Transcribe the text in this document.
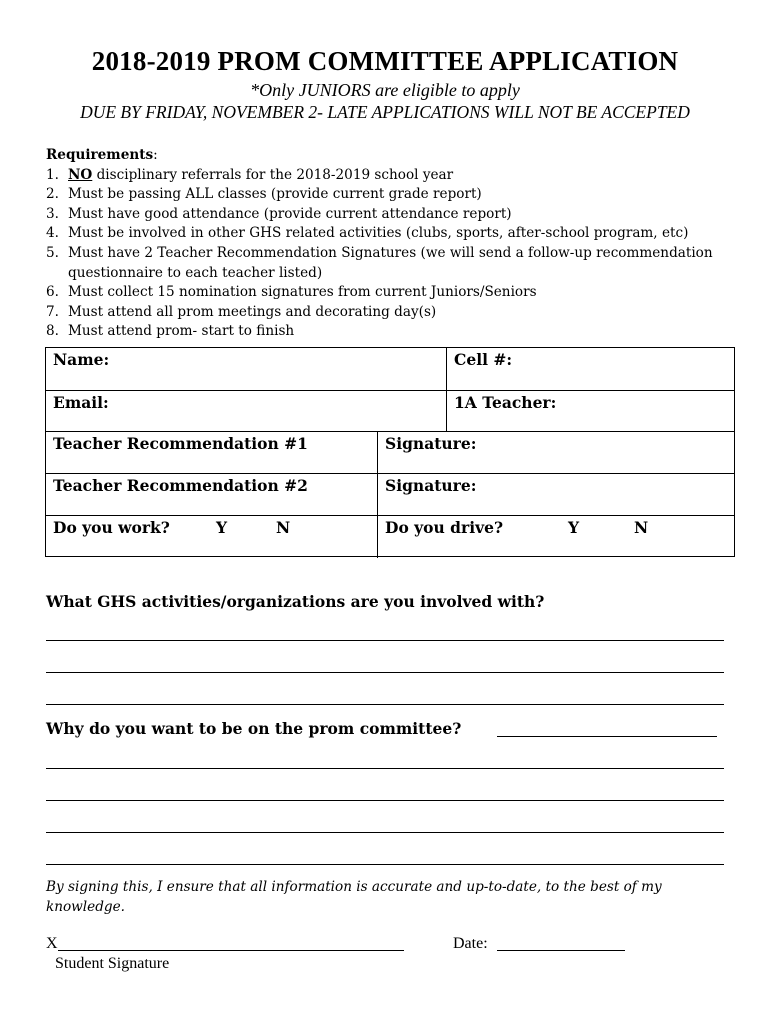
2018-2019 PROM COMMITTEE APPLICATION
*Only JUNIORS are eligible to apply
DUE BY FRIDAY, NOVEMBER 2- LATE APPLICATIONS WILL NOT BE ACCEPTED
Requirements:
1. NO disciplinary referrals for the 2018-2019 school year
2. Must be passing ALL classes (provide current grade report)
3. Must have good attendance (provide current attendance report)
4. Must be involved in other GHS related activities (clubs, sports, after-school program, etc)
5. Must have 2 Teacher Recommendation Signatures (we will send a follow-up recommendation questionnaire to each teacher listed)
6. Must collect 15 nomination signatures from current Juniors/Seniors
7. Must attend all prom meetings and decorating day(s)
8. Must attend prom- start to finish
Name:	Cell #:
Email:	1A Teacher:
Teacher Recommendation #1	Signature:
Teacher Recommendation #2	Signature:
Do you work?	Y	N	Do you drive?	Y	N
What GHS activities/organizations are you involved with?
Why do you want to be on the prom committee?
By signing this, I ensure that all information is accurate and up-to-date, to the best of my knowledge.
X
Student Signature
Date:
